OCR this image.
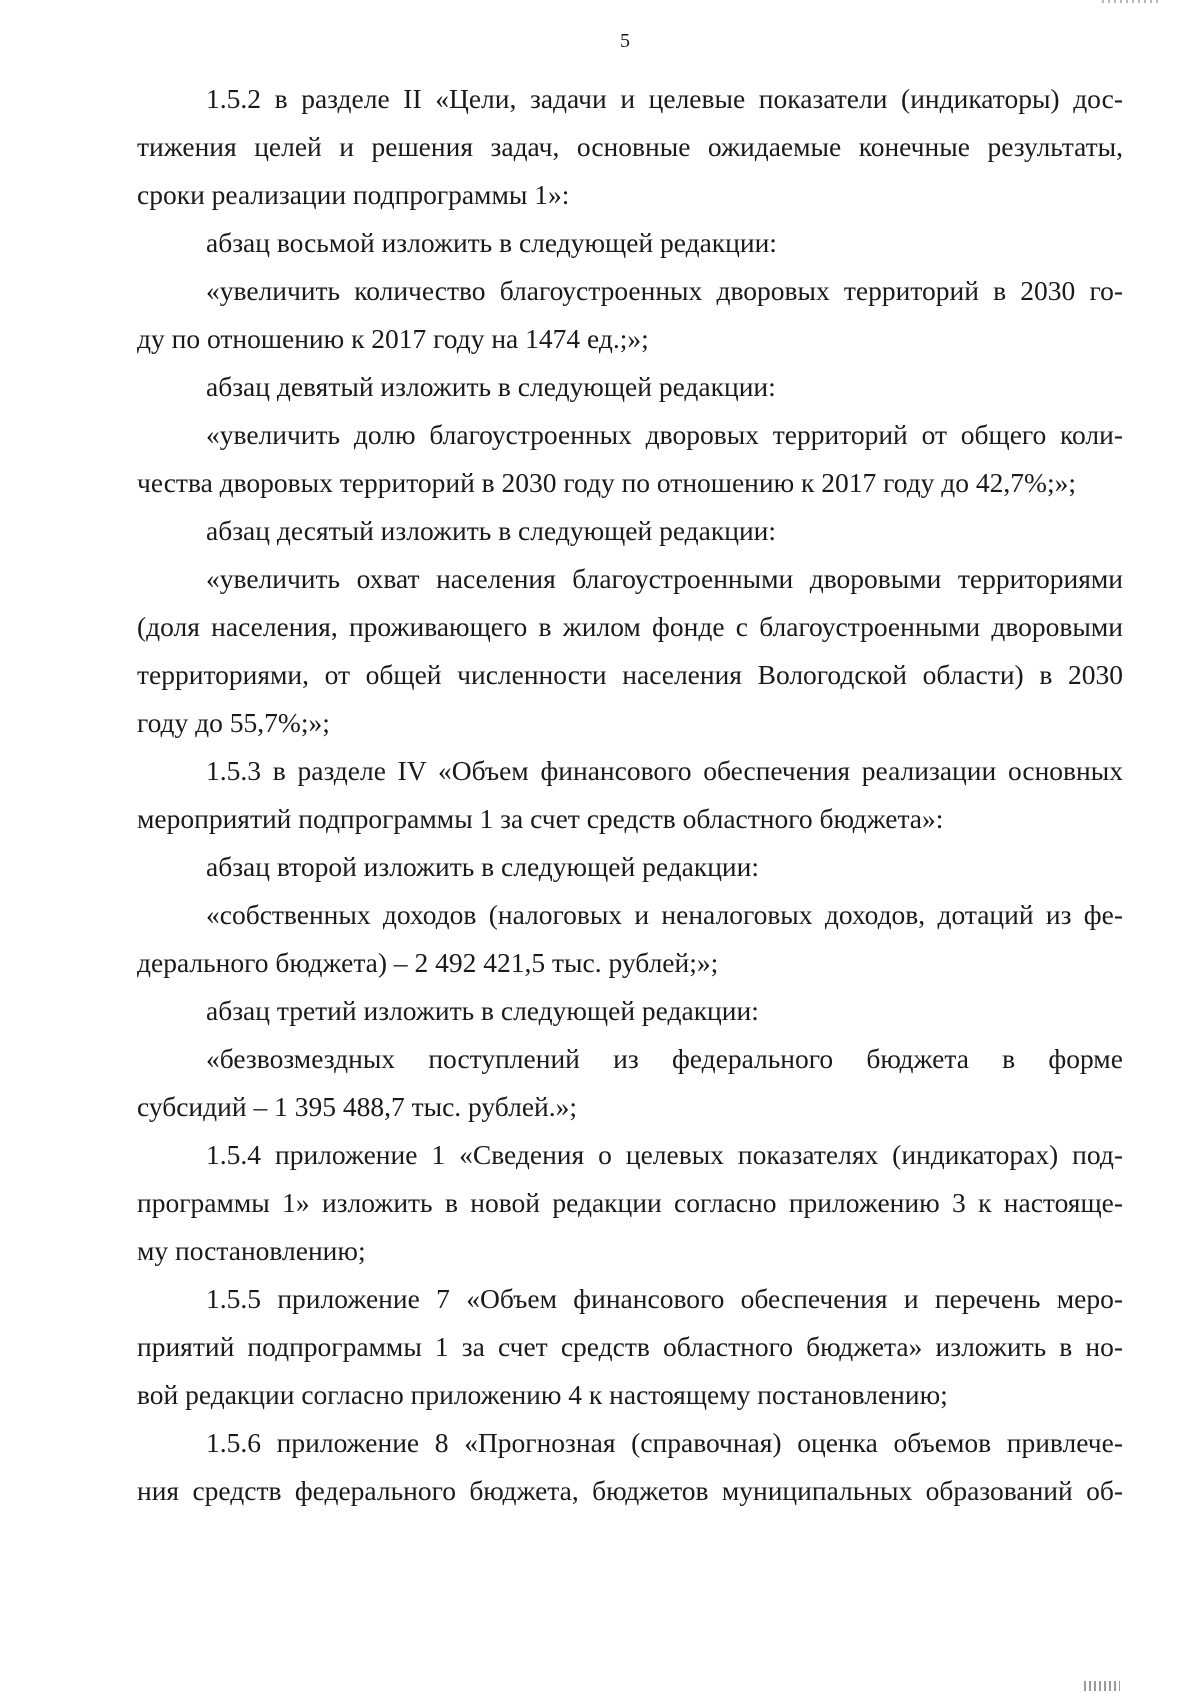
5
1.5.2 в разделе II «Цели, задачи и целевые показатели (индикаторы) дос-
тижения целей и решения задач, основные ожидаемые конечные результаты,
сроки реализации подпрограммы 1»:
абзац восьмой изложить в следующей редакции:
«увеличить количество благоустроенных дворовых территорий в 2030 го-
ду по отношению к 2017 году на 1474 ед.;»;
абзац девятый изложить в следующей редакции:
«увеличить долю благоустроенных дворовых территорий от общего коли-
чества дворовых территорий в 2030 году по отношению к 2017 году до 42,7%;»;
абзац десятый изложить в следующей редакции:
«увеличить охват населения благоустроенными дворовыми территориями
(доля населения, проживающего в жилом фонде с благоустроенными дворовыми
территориями, от общей численности населения Вологодской области) в 2030
году до 55,7%;»;
1.5.3 в разделе IV «Объем финансового обеспечения реализации основных
мероприятий подпрограммы 1 за счет средств областного бюджета»:
абзац второй изложить в следующей редакции:
«собственных доходов (налоговых и неналоговых доходов, дотаций из фе-
дерального бюджета) – 2 492 421,5 тыс. рублей;»;
абзац третий изложить в следующей редакции:
«безвозмездных поступлений из федерального бюджета в форме
субсидий – 1 395 488,7 тыс. рублей.»;
1.5.4 приложение 1 «Сведения о целевых показателях (индикаторах) под-
программы 1» изложить в новой редакции согласно приложению 3 к настояще-
му постановлению;
1.5.5 приложение 7 «Объем финансового обеспечения и перечень меро-
приятий подпрограммы 1 за счет средств областного бюджета» изложить в но-
вой редакции согласно приложению 4 к настоящему постановлению;
1.5.6 приложение 8 «Прогнозная (справочная) оценка объемов привлече-
ния средств федерального бюджета, бюджетов муниципальных образований об-
